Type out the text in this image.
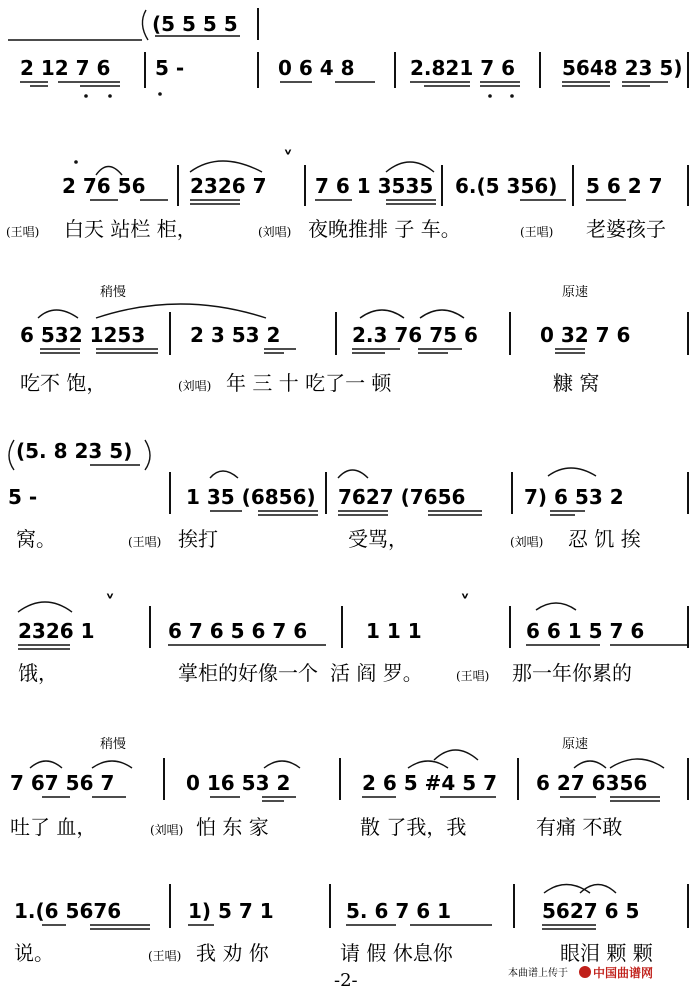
(5 5 5 5
2 12 7 6 5 -	0 6 4 8	2.821 7 6 5648 23 5)
2 76 56 2326 7
˅
7 6 1 3535 6.(5 356) 5 6 2 7
(王唱) 白天 站栏 柜，	(刘唱) 夜晚推排 子 车。	(王唱) 老婆孩子
稍慢	原速
6 532 1253 2 3 53 2	2.3 76 75 6	0 32 7 6
吃不 饱，	(刘唱) 年 三 十 吃了一 顿	糠 窝
(5. 8 23 5)
5 -	1 35 (6856) 7627 (7656	7) 6 53 2
窝。	(王唱) 挨打	受骂，	(刘唱) 忍 饥 挨
2326 1
˅
6 7 6 5 6 7 6	1 1 1
˅
6 6 1 5 7 6
饿，	掌柜的好像一个 活 阎 罗。	(王唱) 那一年你累的
稍慢	原速
7 67 56 7	0 16 53 2	2 6 5 #4 5 7 6 27 6356
吐了 血，	(刘唱) 怕 东 家	散 了我，我	有痛 不敢
1.(6 5676	1) 5 7 1	5. 6 7 6 1	5627 6 5
说。	(王唱) 我 劝 你	请 假 休息你	眼泪 颗 颗
-2-	本曲谱上传于 中国曲谱网
